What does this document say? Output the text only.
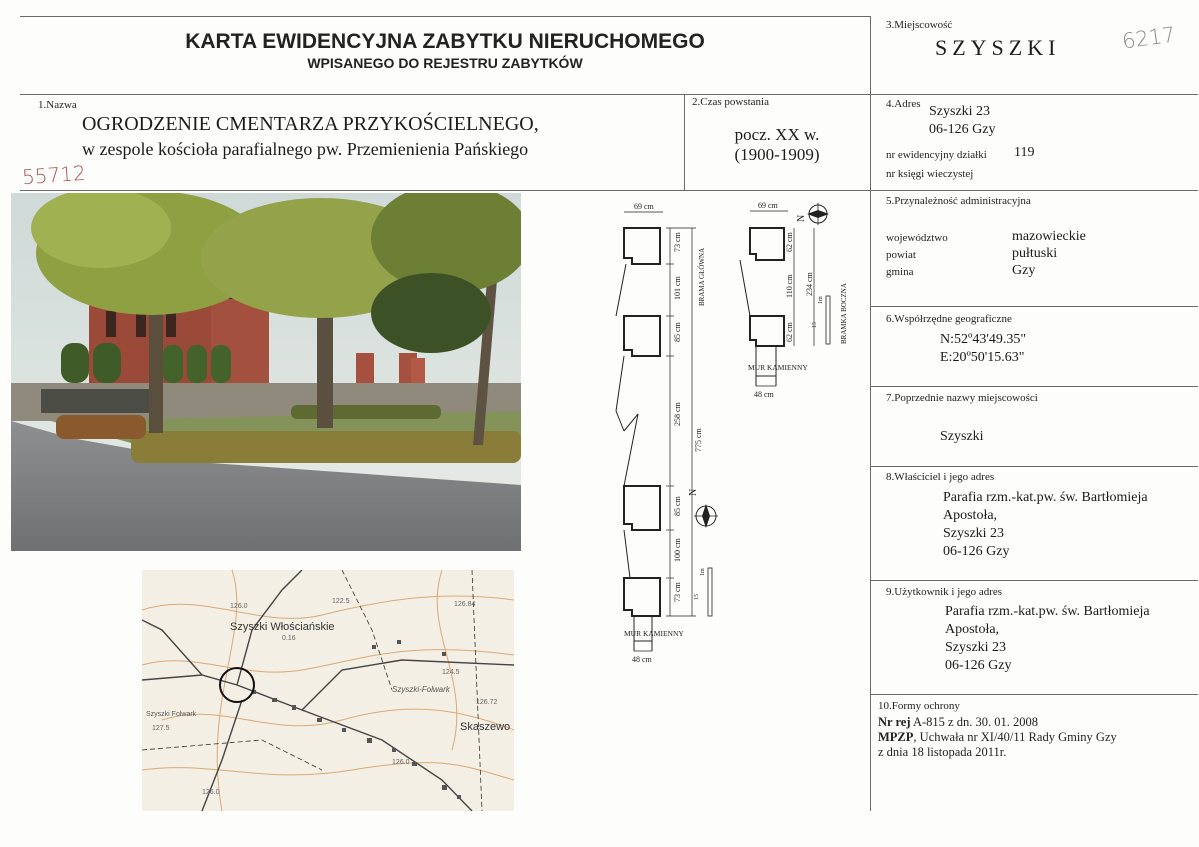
KARTA EWIDENCYJNA ZABYTKU NIERUCHOMEGO
WPISANEGO DO REJESTRU ZABYTKÓW
3.Miejscowość
SZYSZKI	6217
1.Nazwa
OGRODZENIE CMENTARZA PRZYKOŚCIELNEGO,
w zespole kościoła parafialnego pw. Przemienienia Pańskiego
55712
2.Czas powstania
pocz. XX w.
(1900-1909)
4.Adres Szyszki 23
06-126 Gzy
nr ewidencyjny działki 119
nr księgi wieczystej
5.Przynależność administracyjna
województwo	mazowieckie
powiat	pułtuski
gmina	Gzy
6.Współrzędne geograficzne
N:52º43'49.35"
E:20º50'15.63"
7.Poprzednie nazwy miejscowości
Szyszki
8.Właściciel i jego adres
Parafia rzm.-kat.pw. św. Bartłomieja
Apostoła,
Szyszki 23
06-126 Gzy
9.Użytkownik i jego adres
Parafia rzm.-kat.pw. św. Bartłomieja
Apostoła,
Szyszki 23
06-126 Gzy
10.Formy ochrony
Nr rej A-815 z dn. 30. 01. 2008
MPZP, Uchwała nr XI/40/11 Rady Gminy Gzy
z dnia 18 listopada 2011r.
Szyszki Włościańskie
Szyszki-Folwark
Skaszewo
Szyszki Folwark
126.0
122.5	126.84
0.16
126.72
126.0
126.0
127.5
124.5
69 cm
73 cm
101 cm
85 cm
258 cm
85 cm
100 cm
73 cm
775 cm
BRAMA GŁÓWNA
MUR KAMIENNY
48 cm
1m
15
N
69 cm
62 cm
110 cm
62 cm
234 cm	BRAMKA BOCZNA
MUR KAMIENNY
48 cm
1m
15
N
